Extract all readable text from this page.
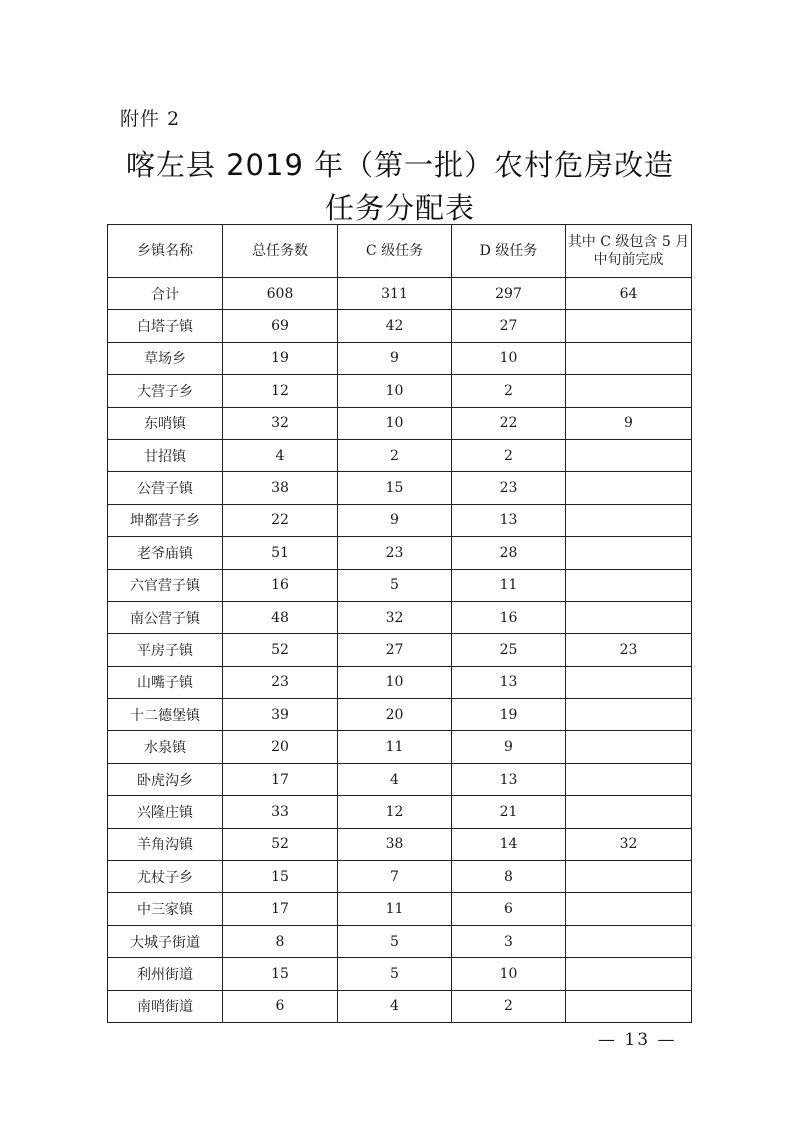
附件 2
喀左县 2019 年（第一批）农村危房改造
任务分配表
乡镇名称	总任务数	C 级任务	D 级任务	其中 C 级包含 5 月中旬前完成
合计	608	311	297	64
白塔子镇	69	42	27	
草场乡	19	9	10	
大营子乡	12	10	2	
东哨镇	32	10	22	9
甘招镇	4	2	2	
公营子镇	38	15	23	
坤都营子乡	22	9	13	
老爷庙镇	51	23	28	
六官营子镇	16	5	11	
南公营子镇	48	32	16	
平房子镇	52	27	25	23
山嘴子镇	23	10	13	
十二德堡镇	39	20	19	
水泉镇	20	11	9	
卧虎沟乡	17	4	13	
兴隆庄镇	33	12	21	
羊角沟镇	52	38	14	32
尤杖子乡	15	7	8	
中三家镇	17	11	6	
大城子街道	8	5	3	
利州街道	15	5	10	
南哨街道	6	4	2	
— 13 —
